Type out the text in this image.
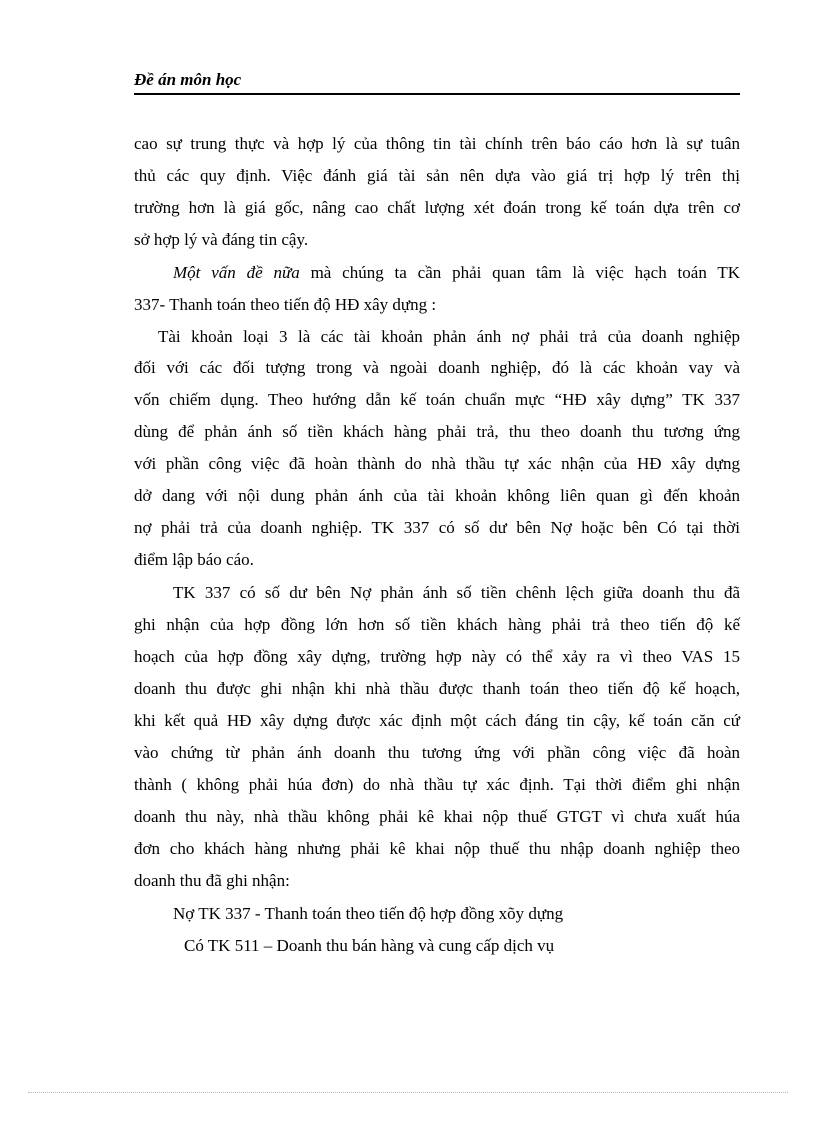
Đề án môn học
cao sự trung thực và hợp lý của thông tin tài chính trên báo cáo hơn là sự tuân
thủ các quy định. Việc đánh giá tài sản nên dựa vào giá trị hợp lý trên thị
trường hơn là giá gốc, nâng cao chất lượng xét đoán trong kế toán dựa trên cơ
sở hợp lý và đáng tin cậy.
Một vấn đề nữa mà chúng ta cần phải quan tâm là việc hạch toán TK
337- Thanh toán theo tiến độ HĐ xây dựng :
Tài khoản loại 3 là các tài khoản phản ánh nợ phải trả của doanh nghiệp
đối với các đối tượng trong và ngoài doanh nghiệp, đó là các khoản vay và
vốn chiếm dụng. Theo hướng dẫn kế toán chuẩn mực “HĐ xây dựng” TK 337
dùng để phản ánh số tiền khách hàng phải trả, thu theo doanh thu tương ứng
với phần công việc đã hoàn thành do nhà thầu tự xác nhận của HĐ xây dựng
dở dang với nội dung phản ánh của tài khoản không liên quan gì đến khoản
nợ phải trả của doanh nghiệp. TK 337 có số dư bên Nợ hoặc bên Có tại thời
điểm lập báo cáo.
TK 337 có số dư bên Nợ phản ánh số tiền chênh lệch giữa doanh thu đã
ghi nhận của hợp đồng lớn hơn số tiền khách hàng phải trả theo tiến độ kế
hoạch của hợp đồng xây dựng, trường hợp này có thể xảy ra vì theo VAS 15
doanh thu được ghi nhận khi nhà thầu được thanh toán theo tiến độ kế hoạch,
khi kết quả HĐ xây dựng được xác định một cách đáng tin cậy, kế toán căn cứ
vào chứng từ phản ánh doanh thu tương ứng với phần công việc đã hoàn
thành ( không phải húa đơn) do nhà thầu tự xác định. Tại thời điểm ghi nhận
doanh thu này, nhà thầu không phải kê khai nộp thuế GTGT vì chưa xuất húa
đơn cho khách hàng nhưng phải kê khai nộp thuế thu nhập doanh nghiệp theo
doanh thu đã ghi nhận:
Nợ TK 337 - Thanh toán theo tiến độ hợp đồng xõy dựng
Có TK 511 – Doanh thu bán hàng và cung cấp dịch vụ
